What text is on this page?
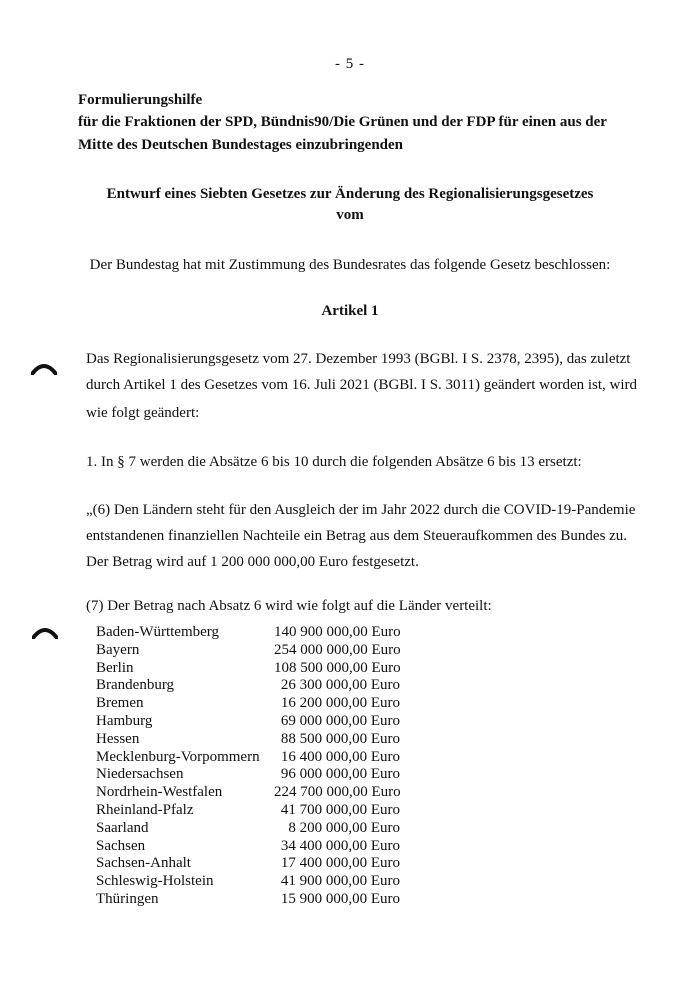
- 5 -
Formulierungshilfe
für die Fraktionen der SPD, Bündnis90/Die Grünen und der FDP für einen aus der
Mitte des Deutschen Bundestages einzubringenden
Entwurf eines Siebten Gesetzes zur Änderung des Regionalisierungsgesetzes
vom
Der Bundestag hat mit Zustimmung des Bundesrates das folgende Gesetz beschlossen:
Artikel 1
Das Regionalisierungsgesetz vom 27. Dezember 1993 (BGBl. I S. 2378, 2395), das zuletzt
durch Artikel 1 des Gesetzes vom 16. Juli 2021 (BGBl. I S. 3011) geändert worden ist, wird
wie folgt geändert:
1. In § 7 werden die Absätze 6 bis 10 durch die folgenden Absätze 6 bis 13 ersetzt:
„(6) Den Ländern steht für den Ausgleich der im Jahr 2022 durch die COVID-19-Pandemie
entstandenen finanziellen Nachteile ein Betrag aus dem Steueraufkommen des Bundes zu.
Der Betrag wird auf 1 200 000 000,00 Euro festgesetzt.
(7) Der Betrag nach Absatz 6 wird wie folgt auf die Länder verteilt:
Baden-Württemberg	140 900 000,00 Euro
Bayern	254 000 000,00 Euro
Berlin	108 500 000,00 Euro
Brandenburg	26 300 000,00 Euro
Bremen	16 200 000,00 Euro
Hamburg	69 000 000,00 Euro
Hessen	88 500 000,00 Euro
Mecklenburg-Vorpommern	16 400 000,00 Euro
Niedersachsen	96 000 000,00 Euro
Nordrhein-Westfalen	224 700 000,00 Euro
Rheinland-Pfalz	41 700 000,00 Euro
Saarland	8 200 000,00 Euro
Sachsen	34 400 000,00 Euro
Sachsen-Anhalt	17 400 000,00 Euro
Schleswig-Holstein	41 900 000,00 Euro
Thüringen	15 900 000,00 Euro
